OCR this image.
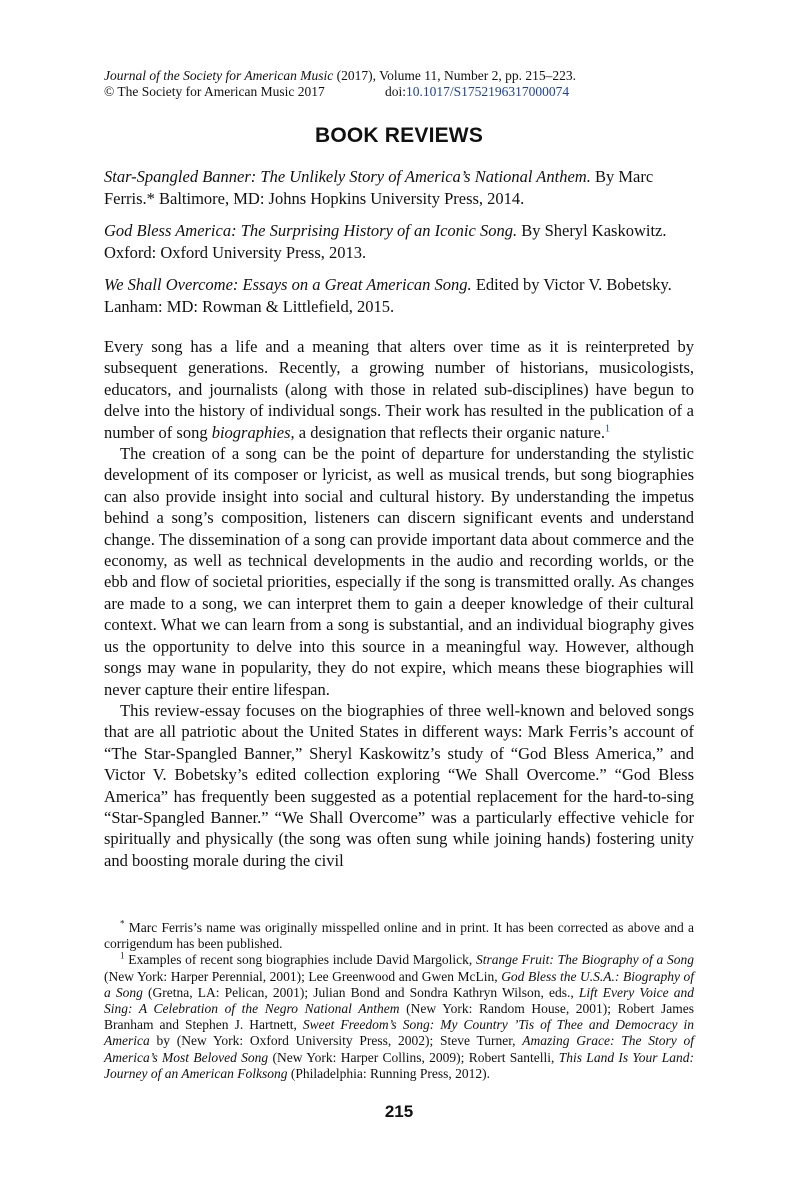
Journal of the Society for American Music (2017), Volume 11, Number 2, pp. 215–223.
© The Society for American Music 2017	doi:10.1017/S1752196317000074
BOOK REVIEWS

Star-Spangled Banner: The Unlikely Story of America’s National Anthem. By Marc Ferris.* Baltimore, MD: Johns Hopkins University Press, 2014.

God Bless America: The Surprising History of an Iconic Song. By Sheryl Kaskowitz. Oxford: Oxford University Press, 2013.

We Shall Overcome: Essays on a Great American Song. Edited by Victor V. Bobetsky. Lanham: MD: Rowman & Littlefield, 2015.

Every song has a life and a meaning that alters over time as it is reinterpreted by subsequent generations. Recently, a growing number of historians, musicologists, educators, and journalists (along with those in related sub-disciplines) have begun to delve into the history of individual songs. Their work has resulted in the publication of a number of song biographies, a designation that reflects their organic nature.$^1$

The creation of a song can be the point of departure for understanding the stylistic development of its composer or lyricist, as well as musical trends, but song biographies can also provide insight into social and cultural history. By understanding the impetus behind a song’s composition, listeners can discern significant events and understand change. The dissemination of a song can provide important data about commerce and the economy, as well as technical developments in the audio and recording worlds, or the ebb and flow of societal priorities, especially if the song is transmitted orally. As changes are made to a song, we can interpret them to gain a deeper knowledge of their cultural context. What we can learn from a song is substantial, and an individual biography gives us the opportunity to delve into this source in a meaningful way. However, although songs may wane in popularity, they do not expire, which means these biographies will never capture their entire lifespan.

This review-essay focuses on the biographies of three well-known and beloved songs that are all patriotic about the United States in different ways: Mark Ferris’s account of “The Star-Spangled Banner,” Sheryl Kaskowitz’s study of “God Bless America,” and Victor V. Bobetsky’s edited collection exploring “We Shall Overcome.” “God Bless America” has frequently been suggested as a potential replacement for the hard-to-sing “Star-Spangled Banner.” “We Shall Overcome” was a particularly effective vehicle for spiritually and physically (the song was often sung while joining hands) fostering unity and boosting morale during the civil

* Marc Ferris’s name was originally misspelled online and in print. It has been corrected as above and a corrigendum has been published.

$^1$ Examples of recent song biographies include David Margolick, Strange Fruit: The Biography of a Song (New York: Harper Perennial, 2001); Lee Greenwood and Gwen McLin, God Bless the U.S.A.: Biography of a Song (Gretna, LA: Pelican, 2001); Julian Bond and Sondra Kathryn Wilson, eds., Lift Every Voice and Sing: A Celebration of the Negro National Anthem (New York: Random House, 2001); Robert James Branham and Stephen J. Hartnett, Sweet Freedom’s Song: My Country ’Tis of Thee and Democracy in America by (New York: Oxford University Press, 2002); Steve Turner, Amazing Grace: The Story of America’s Most Beloved Song (New York: Harper Collins, 2009); Robert Santelli, This Land Is Your Land: Journey of an American Folksong (Philadelphia: Running Press, 2012).

215
